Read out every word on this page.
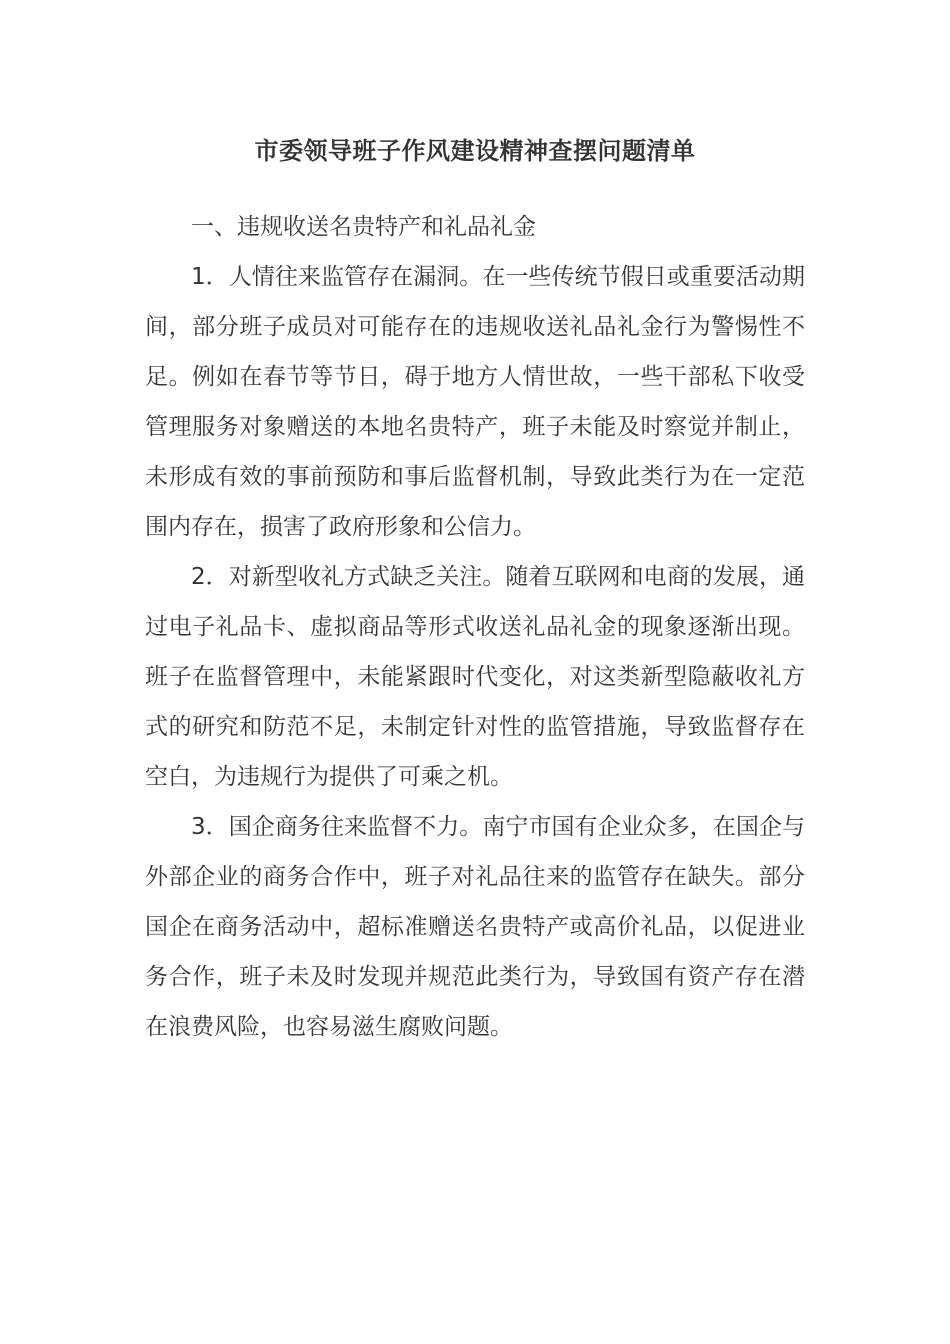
市委领导班子作风建设精神查摆问题清单
一、违规收送名贵特产和礼品礼金

1．人情往来监管存在漏洞。在一些传统节假日或重要活动期间，部分班子成员对可能存在的违规收送礼品礼金行为警惕性不足。例如在春节等节日，碍于地方人情世故，一些干部私下收受管理服务对象赠送的本地名贵特产，班子未能及时察觉并制止，未形成有效的事前预防和事后监督机制，导致此类行为在一定范围内存在，损害了政府形象和公信力。

2．对新型收礼方式缺乏关注。随着互联网和电商的发展，通过电子礼品卡、虚拟商品等形式收送礼品礼金的现象逐渐出现。班子在监督管理中，未能紧跟时代变化，对这类新型隐蔽收礼方式的研究和防范不足，未制定针对性的监管措施，导致监督存在空白，为违规行为提供了可乘之机。

3．国企商务往来监督不力。南宁市国有企业众多，在国企与外部企业的商务合作中，班子对礼品往来的监管存在缺失。部分国企在商务活动中，超标准赠送名贵特产或高价礼品，以促进业务合作，班子未及时发现并规范此类行为，导致国有资产存在潜在浪费风险，也容易滋生腐败问题。
